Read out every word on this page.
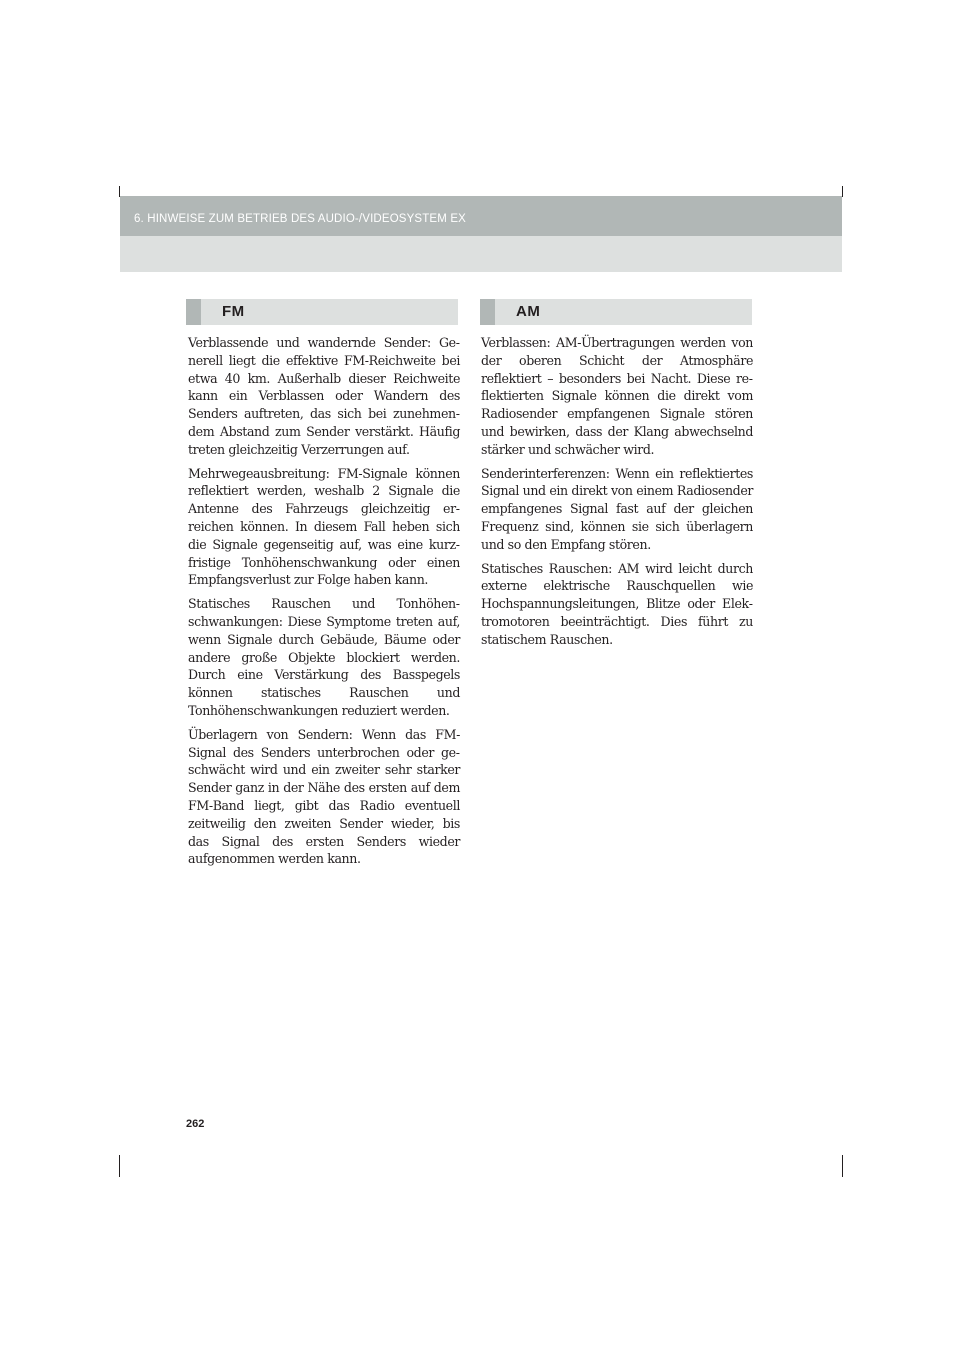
6. HINWEISE ZUM BETRIEB DES AUDIO-/VIDEOSYSTEM EX
FM

Verblassende und wandernde Sender: Generell liegt die effektive FM-Reichweite bei etwa 40 km. Außerhalb dieser Reichweite kann ein Verblassen oder Wandern des Senders auftreten, das sich bei zunehmendem Abstand zum Sender verstärkt. Häufig treten gleichzeitig Verzerrungen auf.

Mehrwegeausbreitung: FM-Signale können reflektiert werden, weshalb 2 Signale die Antenne des Fahrzeugs gleichzeitig erreichen können. In diesem Fall heben sich die Signale gegenseitig auf, was eine kurzfristige Tonhöhenschwankung oder einen Empfangsverlust zur Folge haben kann.

Statisches Rauschen und Tonhöhenschwankungen: Diese Symptome treten auf, wenn Signale durch Gebäude, Bäume oder andere große Objekte blockiert werden. Durch eine Verstärkung des Basspegels können statisches Rauschen und Tonhöhenschwankungen reduziert werden.

Überlagern von Sendern: Wenn das FM-Signal des Senders unterbrochen oder geschwächt wird und ein zweiter sehr starker Sender ganz in der Nähe des ersten auf dem FM-Band liegt, gibt das Radio eventuell zeitweilig den zweiten Sender wieder, bis das Signal des ersten Senders wieder aufgenommen werden kann.

AM

Verblassen: AM-Übertragungen werden von der oberen Schicht der Atmosphäre reflektiert – besonders bei Nacht. Diese reflektierten Signale können die direkt vom Radiosender empfangenen Signale stören und bewirken, dass der Klang abwechselnd stärker und schwächer wird.

Senderinterferenzen: Wenn ein reflektiertes Signal und ein direkt von einem Radiosender empfangenes Signal fast auf der gleichen Frequenz sind, können sie sich überlagern und so den Empfang stören.

Statisches Rauschen: AM wird leicht durch externe elektrische Rauschquellen wie Hochspannungsleitungen, Blitze oder Elektromotoren beeinträchtigt. Dies führt zu statischem Rauschen.

262
